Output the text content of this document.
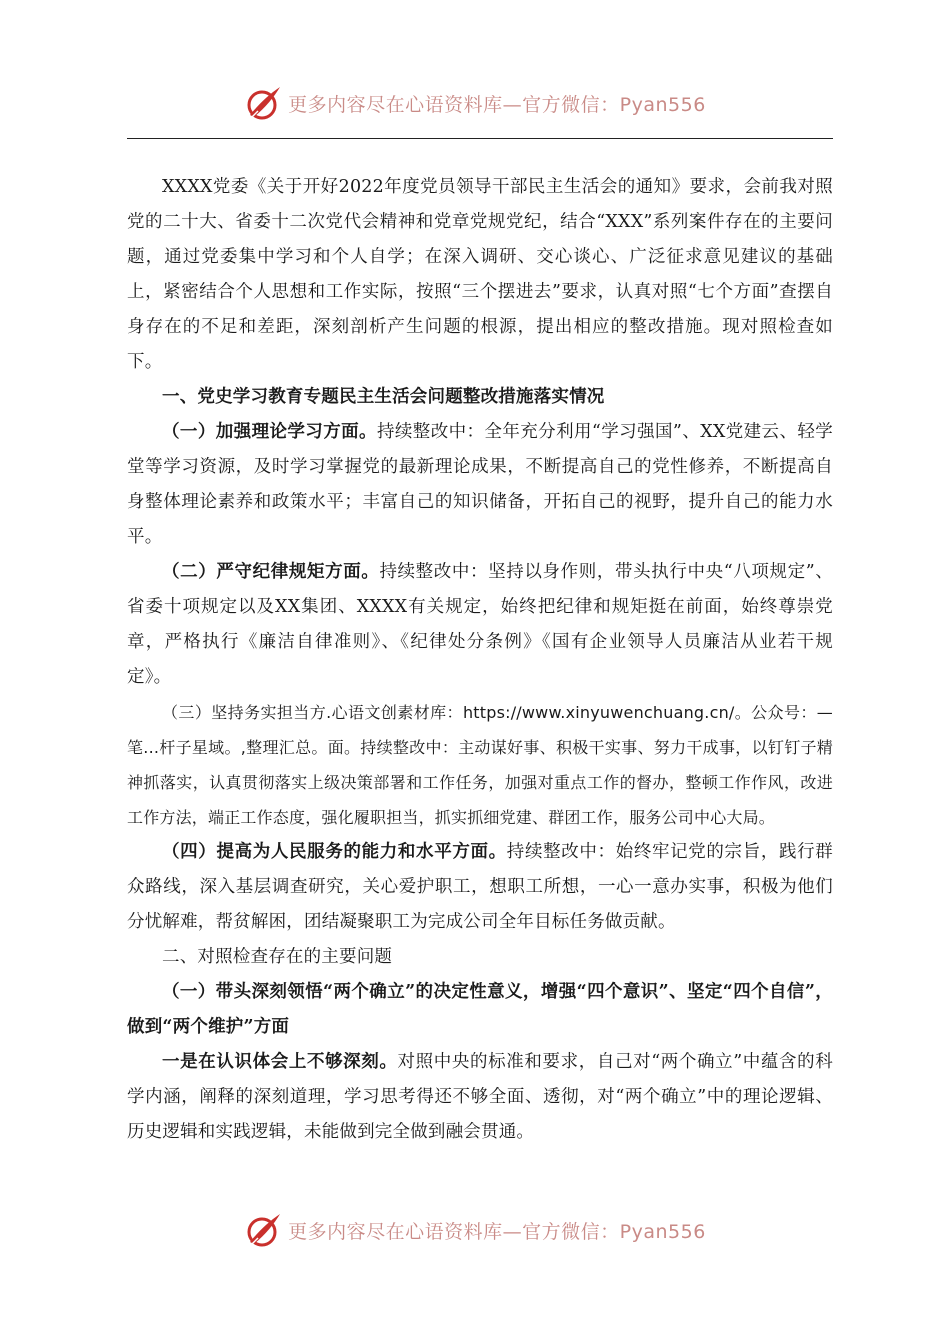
更多内容尽在心语资料库—官方微信：Pyan556

XXXX党委《关于开好2022年度党员领导干部民主生活会的通知》要求，会前我对照党的二十大、省委十二次党代会精神和党章党规党纪，结合“XXX”系列案件存在的主要问题，通过党委集中学习和个人自学；在深入调研、交心谈心、广泛征求意见建议的基础上，紧密结合个人思想和工作实际，按照“三个摆进去”要求，认真对照“七个方面”查摆自身存在的不足和差距，深刻剖析产生问题的根源，提出相应的整改措施。现对照检查如下。

一、党史学习教育专题民主生活会问题整改措施落实情况

（一）加强理论学习方面。持续整改中：全年充分利用“学习强国”、XX党建云、轻学堂等学习资源，及时学习掌握党的最新理论成果，不断提高自己的党性修养，不断提高自身整体理论素养和政策水平；丰富自己的知识储备，开拓自己的视野，提升自己的能力水平。

（二）严守纪律规矩方面。持续整改中：坚持以身作则，带头执行中央“八项规定”、省委十项规定以及XX集团、XXXX有关规定，始终把纪律和规矩挺在前面，始终尊崇党章，严格执行《廉洁自律准则》、《纪律处分条例》《国有企业领导人员廉洁从业若干规定》。

（三）坚持务实担当方.心语文创素材库：https://www.xinyuwenchuang.cn/。公众号：—笔...杆子星域。,整理汇总。面。持续整改中：主动谋好事、积极干实事、努力干成事，以钉钉子精神抓落实，认真贯彻落实上级决策部署和工作任务，加强对重点工作的督办，整顿工作作风，改进工作方法，端正工作态度，强化履职担当，抓实抓细党建、群团工作，服务公司中心大局。

（四）提高为人民服务的能力和水平方面。持续整改中：始终牢记党的宗旨，践行群众路线，深入基层调查研究，关心爱护职工，想职工所想，一心一意办实事，积极为他们分忧解难，帮贫解困，团结凝聚职工为完成公司全年目标任务做贡献。

二、对照检查存在的主要问题

（一）带头深刻领悟“两个确立”的决定性意义，增强“四个意识”、坚定“四个自信”，做到“两个维护”方面

一是在认识体会上不够深刻。对照中央的标准和要求，自己对“两个确立”中蕴含的科学内涵，阐释的深刻道理，学习思考得还不够全面、透彻，对“两个确立”中的理论逻辑、历史逻辑和实践逻辑，未能做到完全做到融会贯通。

更多内容尽在心语资料库—官方微信：Pyan556
